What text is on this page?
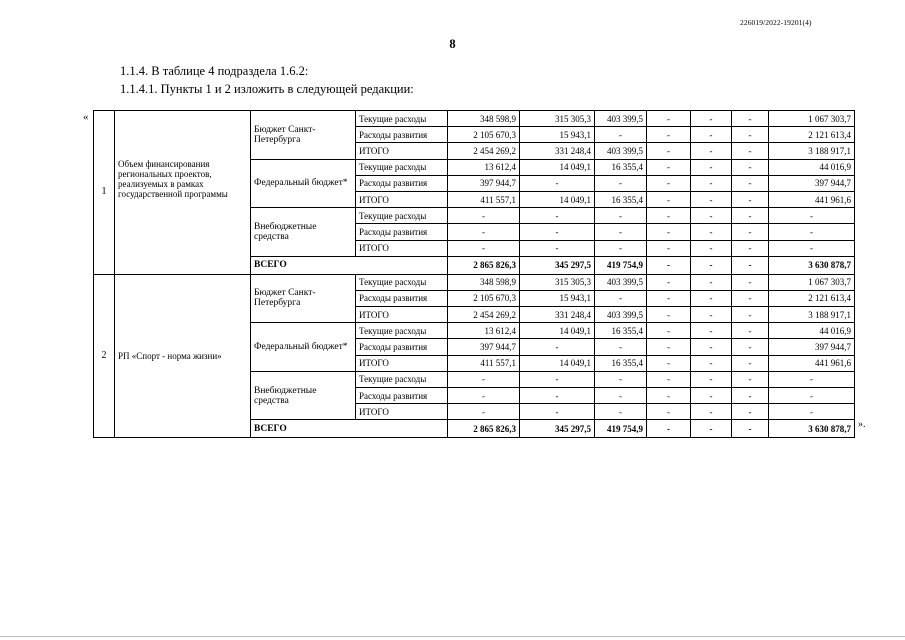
226019/2022-19201(4)
8
1.1.4. В таблице 4 подраздела 1.6.2:
1.1.4.1. Пункты 1 и 2 изложить в следующей редакции:
«
1	Объем финансирования региональных проектов, реализуемых в рамках государственной программы	Бюджет Санкт-Петербурга	Текущие расходы	348 598,9	315 305,3	403 399,5	-	-	-	1 067 303,7
			Расходы развития	2 105 670,3	15 943,1	-	-	-	-	2 121 613,4
			ИТОГО	2 454 269,2	331 248,4	403 399,5	-	-	-	3 188 917,1
		Федеральный бюджет*	Текущие расходы	13 612,4	14 049,1	16 355,4	-	-	-	44 016,9
			Расходы развития	397 944,7	-	-	-	-	-	397 944,7
			ИТОГО	411 557,1	14 049,1	16 355,4	-	-	-	441 961,6
		Внебюджетные средства	Текущие расходы	-	-	-	-	-	-	-
			Расходы развития	-	-	-	-	-	-	-
			ИТОГО	-	-	-	-	-	-	-
		ВСЕГО		2 865 826,3	345 297,5	419 754,9	-	-	-	3 630 878,7
2	РП «Спорт - норма жизни»	Бюджет Санкт-Петербурга	Текущие расходы	348 598,9	315 305,3	403 399,5	-	-	-	1 067 303,7
			Расходы развития	2 105 670,3	15 943,1	-	-	-	-	2 121 613,4
			ИТОГО	2 454 269,2	331 248,4	403 399,5	-	-	-	3 188 917,1
		Федеральный бюджет*	Текущие расходы	13 612,4	14 049,1	16 355,4	-	-	-	44 016,9
			Расходы развития	397 944,7	-	-	-	-	-	397 944,7
			ИТОГО	411 557,1	14 049,1	16 355,4	-	-	-	441 961,6
		Внебюджетные средства	Текущие расходы	-	-	-	-	-	-	-
			Расходы развития	-	-	-	-	-	-	-
			ИТОГО	-	-	-	-	-	-	-
		ВСЕГО		2 865 826,3	345 297,5	419 754,9	-	-	-	3 630 878,7 ».
